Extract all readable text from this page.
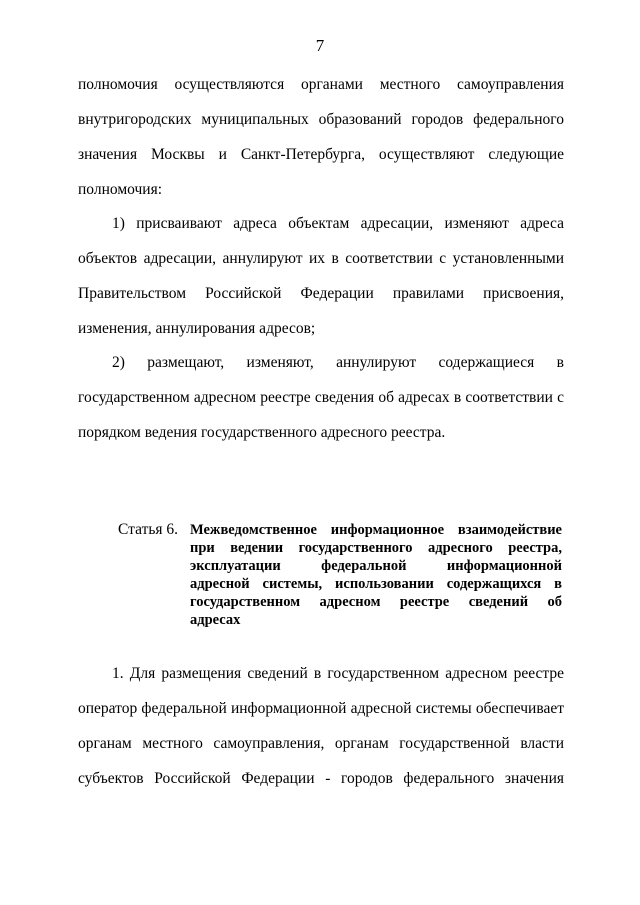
7
полномочия осуществляются органами местного самоуправления
внутригородских муниципальных образований городов федерального
значения Москвы и Санкт-Петербурга, осуществляют следующие
полномочия:
1) присваивают адреса объектам адресации, изменяют адреса
объектов адресации, аннулируют их в соответствии с установленными
Правительством Российской Федерации правилами присвоения,
изменения, аннулирования адресов;
2) размещают, изменяют, аннулируют содержащиеся в
государственном адресном реестре сведения об адресах в соответствии с
порядком ведения государственного адресного реестра.
Статья 6. Межведомственное информационное взаимодействие
при ведении государственного адресного реестра,
эксплуатации федеральной информационной
адресной системы, использовании содержащихся в
государственном адресном реестре сведений об
адресах
1. Для размещения сведений в государственном адресном реестре
оператор федеральной информационной адресной системы обеспечивает
органам местного самоуправления, органам государственной власти
субъектов Российской Федерации - городов федерального значения
